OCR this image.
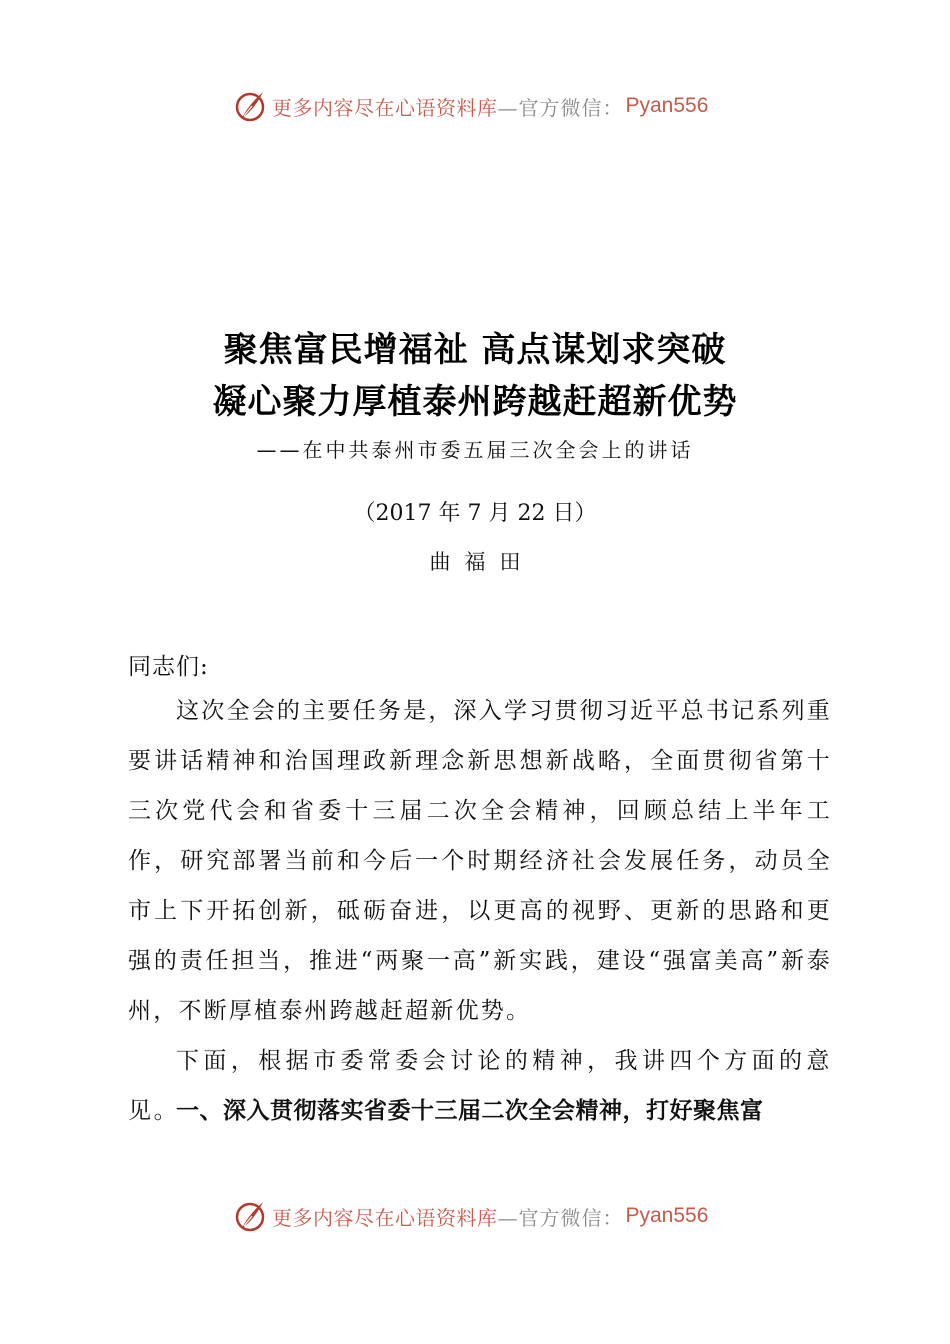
更多内容尽在心语资料库 —官方微信： Pyan556
聚焦富民增福祉 高点谋划求突破
凝心聚力厚植泰州跨越赶超新优势
——在中共泰州市委五届三次全会上的讲话
（2017 年 7 月 22 日）
曲福田
同志们:
这次全会的主要任务是，深入学习贯彻习近平总书记系列重要讲话精神和治国理政新理念新思想新战略，全面贯彻省第十三次党代会和省委十三届二次全会精神，回顾总结上半年工作，研究部署当前和今后一个时期经济社会发展任务，动员全市上下开拓创新，砥砺奋进，以更高的视野、更新的思路和更强的责任担当，推进“两聚一高”新实践，建设“强富美高”新泰州，不断厚植泰州跨越赶超新优势。
下面，根据市委常委会讨论的精神，我讲四个方面的意见。
一、深入贯彻落实省委十三届二次全会精神，打好聚焦富
更多内容尽在心语资料库 —官方微信： Pyan556
